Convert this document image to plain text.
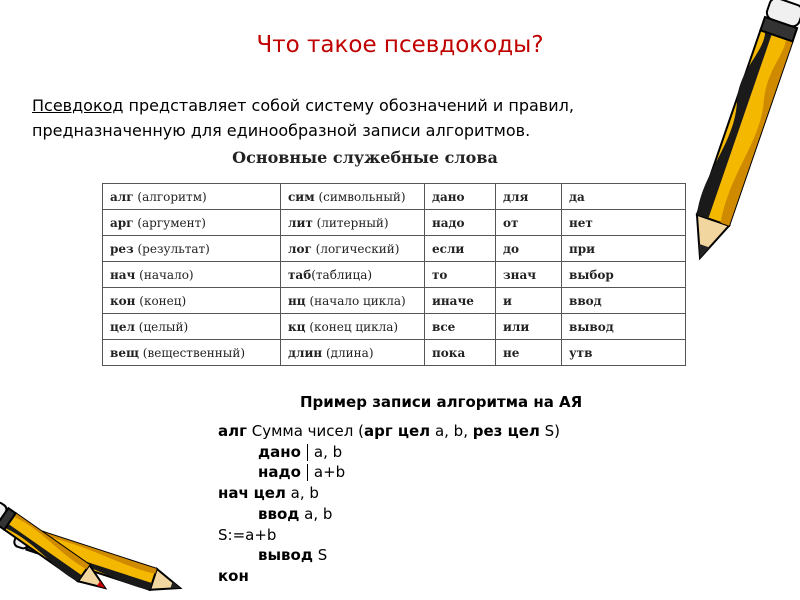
Что такое псевдокоды?
Псевдокод представляет собой систему обозначений и правил,
предназначенную для единообразной записи алгоритмов.
Основные служебные слова
алг (алгоритм)	сим (символьный)	дано	для	да
арг (аргумент)	лит (литерный)	надо	от	нет
рез (результат)	лог (логический)	если	до	при
нач (начало)	таб(таблица)	то	знач	выбор
кон (конец)	нц (начало цикла)	иначе	и	ввод
цел (целый)	кц (конец цикла)	все	или	вывод
вещ (вещественный)	длин (длина)	пока	не	утв
Пример записи алгоритма на АЯ
алг Сумма чисел (арг цел a, b, рез цел S)
дано a, b
надо a+b
нач цел a, b
ввод a, b
S:=a+b
вывод S
кон
